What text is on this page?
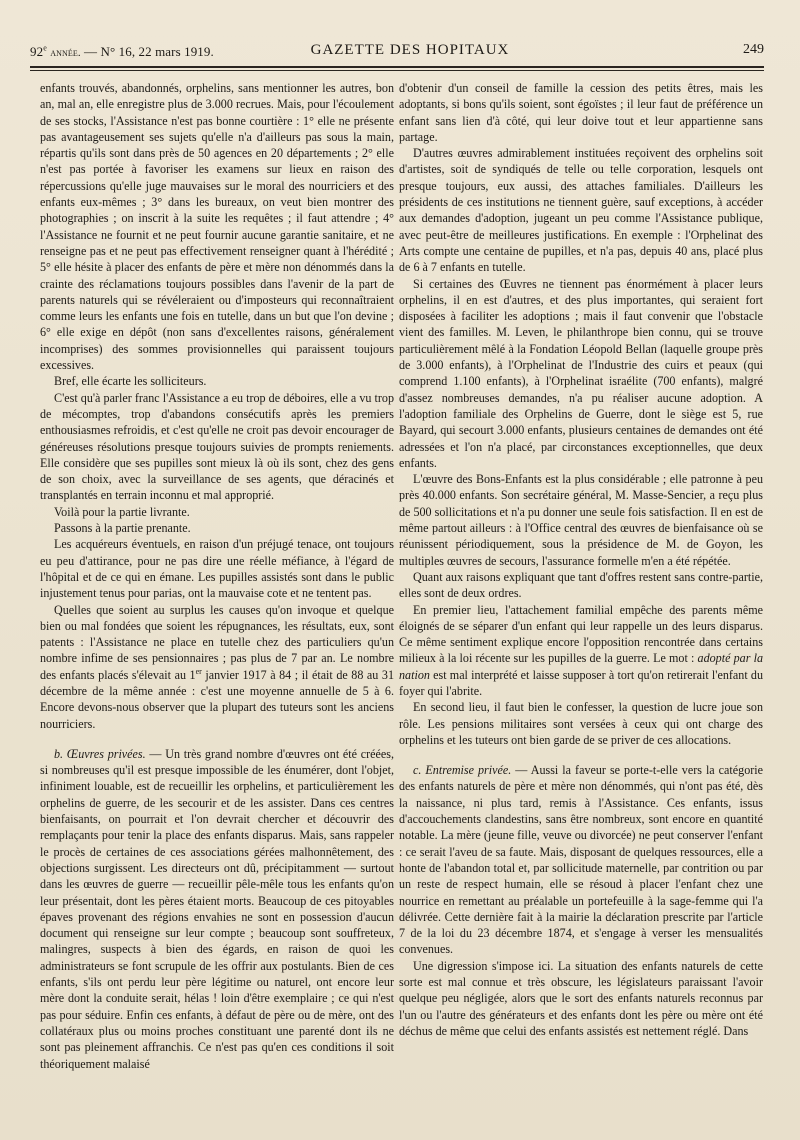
92e année. — N° 16, 22 mars 1919.	GAZETTE DES HOPITAUX	249

enfants trouvés, abandonnés, orphelins, sans mentionner les autres, bon an, mal an, elle enregistre plus de 3.000 recrues. Mais, pour l'écoulement de ses stocks, l'Assistance n'est pas bonne courtière : 1° elle ne présente pas avantageusement ses sujets qu'elle n'a d'ailleurs pas sous la main, répartis qu'ils sont dans près de 50 agences en 20 départements ; 2° elle n'est pas portée à favoriser les examens sur lieux en raison des répercussions qu'elle juge mauvaises sur le moral des nourriciers et des enfants eux-mêmes ; 3° dans les bureaux, on veut bien montrer des photographies ; on inscrit à la suite les requêtes ; il faut attendre ; 4° l'Assistance ne fournit et ne peut fournir aucune garantie sanitaire, et ne renseigne pas et ne peut pas effectivement renseigner quant à l'hérédité ; 5° elle hésite à placer des enfants de père et mère non dénommés dans la crainte des réclamations toujours possibles dans l'avenir de la part de parents naturels qui se révéleraient ou d'imposteurs qui reconnaîtraient comme leurs les enfants une fois en tutelle, dans un but que l'on devine ; 6° elle exige en dépôt (non sans d'excellentes raisons, généralement incomprises) des sommes provisionnelles qui paraissent toujours excessives.

Bref, elle écarte les solliciteurs.

C'est qu'à parler franc l'Assistance a eu trop de déboires, elle a vu trop de mécomptes, trop d'abandons consécutifs après les premiers enthousiasmes refroidis, et c'est qu'elle ne croit pas devoir encourager de généreuses résolutions presque toujours suivies de prompts reniements. Elle considère que ses pupilles sont mieux là où ils sont, chez des gens de son choix, avec la surveillance de ses agents, que déracinés et transplantés en terrain inconnu et mal approprié.

Voilà pour la partie livrante.

Passons à la partie prenante.

Les acquéreurs éventuels, en raison d'un préjugé tenace, ont toujours eu peu d'attirance, pour ne pas dire une réelle méfiance, à l'égard de l'hôpital et de ce qui en émane. Les pupilles assistés sont dans le public injustement tenus pour parias, ont la mauvaise cote et ne tentent pas.

Quelles que soient au surplus les causes qu'on invoque et quelque bien ou mal fondées que soient les répugnances, les résultats, eux, sont patents : l'Assistance ne place en tutelle chez des particuliers qu'un nombre infime de ses pensionnaires ; pas plus de 7 par an. Le nombre des enfants placés s'élevait au 1er janvier 1917 à 84 ; il était de 88 au 31 décembre de la même année : c'est une moyenne annuelle de 5 à 6. Encore devons-nous observer que la plupart des tuteurs sont les anciens nourriciers.

b. Œuvres privées. — Un très grand nombre d'œuvres ont été créées, si nombreuses qu'il est presque impossible de les énumérer, dont l'objet, infiniment louable, est de recueillir les orphelins, et particulièrement les orphelins de guerre, de les secourir et de les assister. Dans ces centres bienfaisants, on pourrait et l'on devrait chercher et découvrir des remplaçants pour tenir la place des enfants disparus. Mais, sans rappeler le procès de certaines de ces associations gérées malhonnêtement, des objections surgissent. Les directeurs ont dû, précipitamment — surtout dans les œuvres de guerre — recueillir pêle-mêle tous les enfants qu'on leur présentait, dont les pères étaient morts. Beaucoup de ces pitoyables épaves provenant des régions envahies ne sont en possession d'aucun document qui renseigne sur leur compte ; beaucoup sont souffreteux, malingres, suspects à bien des égards, en raison de quoi les administrateurs se font scrupule de les offrir aux postulants. Bien de ces enfants, s'ils ont perdu leur père légitime ou naturel, ont encore leur mère dont la conduite serait, hélas ! loin d'être exemplaire ; ce qui n'est pas pour séduire. Enfin ces enfants, à défaut de père ou de mère, ont des collatéraux plus ou moins proches constituant une parenté dont ils ne sont pas pleinement affranchis. Ce n'est pas qu'en ces conditions il soit théoriquement malaisé

d'obtenir d'un conseil de famille la cession des petits êtres, mais les adoptants, si bons qu'ils soient, sont égoïstes ; il leur faut de préférence un enfant sans lien d'à côté, qui leur doive tout et leur appartienne sans partage.

D'autres œuvres admirablement instituées reçoivent des orphelins soit d'artistes, soit de syndiqués de telle ou telle corporation, lesquels ont presque toujours, eux aussi, des attaches familiales. D'ailleurs les présidents de ces institutions ne tiennent guère, sauf exceptions, à accéder aux demandes d'adoption, jugeant un peu comme l'Assistance publique, avec peut-être de meilleures justifications. En exemple : l'Orphelinat des Arts compte une centaine de pupilles, et n'a pas, depuis 40 ans, placé plus de 6 à 7 enfants en tutelle.

Si certaines des Œuvres ne tiennent pas énormément à placer leurs orphelins, il en est d'autres, et des plus importantes, qui seraient fort disposées à faciliter les adoptions ; mais il faut convenir que l'obstacle vient des familles. M. Leven, le philanthrope bien connu, qui se trouve particulièrement mêlé à la Fondation Léopold Bellan (laquelle groupe près de 3.000 enfants), à l'Orphelinat de l'Industrie des cuirs et peaux (qui comprend 1.100 enfants), à l'Orphelinat israélite (700 enfants), malgré d'assez nombreuses demandes, n'a pu réaliser aucune adoption. A l'adoption familiale des Orphelins de Guerre, dont le siège est 5, rue Bayard, qui secourt 3.000 enfants, plusieurs centaines de demandes ont été adressées et l'on n'a placé, par circonstances exceptionnelles, que deux enfants.

L'œuvre des Bons-Enfants est la plus considérable ; elle patronne à peu près 40.000 enfants. Son secrétaire général, M. Masse-Sencier, a reçu plus de 500 sollicitations et n'a pu donner une seule fois satisfaction. Il en est de même partout ailleurs : à l'Office central des œuvres de bienfaisance où se réunissent périodiquement, sous la présidence de M. de Goyon, les multiples œuvres de secours, l'assurance formelle m'en a été répétée.

Quant aux raisons expliquant que tant d'offres restent sans contre-partie, elles sont de deux ordres.

En premier lieu, l'attachement familial empêche des parents même éloignés de se séparer d'un enfant qui leur rappelle un des leurs disparus. Ce même sentiment explique encore l'opposition rencontrée dans certains milieux à la loi récente sur les pupilles de la guerre. Le mot : adopté par la nation est mal interprété et laisse supposer à tort qu'on retirerait l'enfant du foyer qui l'abrite.

En second lieu, il faut bien le confesser, la question de lucre joue son rôle. Les pensions militaires sont versées à ceux qui ont charge des orphelins et les tuteurs ont bien garde de se priver de ces allocations.

c. Entremise privée. — Aussi la faveur se porte-t-elle vers la catégorie des enfants naturels de père et mère non dénommés, qui n'ont pas été, dès la naissance, ni plus tard, remis à l'Assistance. Ces enfants, issus d'accouchements clandestins, sans être nombreux, sont encore en quantité notable. La mère (jeune fille, veuve ou divorcée) ne peut conserver l'enfant : ce serait l'aveu de sa faute. Mais, disposant de quelques ressources, elle a honte de l'abandon total et, par sollicitude maternelle, par contrition ou par un reste de respect humain, elle se résoud à placer l'enfant chez une nourrice en remettant au préalable un portefeuille à la sage-femme qui l'a délivrée. Cette dernière fait à la mairie la déclaration prescrite par l'article 7 de la loi du 23 décembre 1874, et s'engage à verser les mensualités convenues.

Une digression s'impose ici. La situation des enfants naturels de cette sorte est mal connue et très obscure, les législateurs paraissant l'avoir quelque peu négligée, alors que le sort des enfants naturels reconnus par l'un ou l'autre des générateurs et des enfants dont les père ou mère ont été déchus de même que celui des enfants assistés est nettement réglé. Dans
